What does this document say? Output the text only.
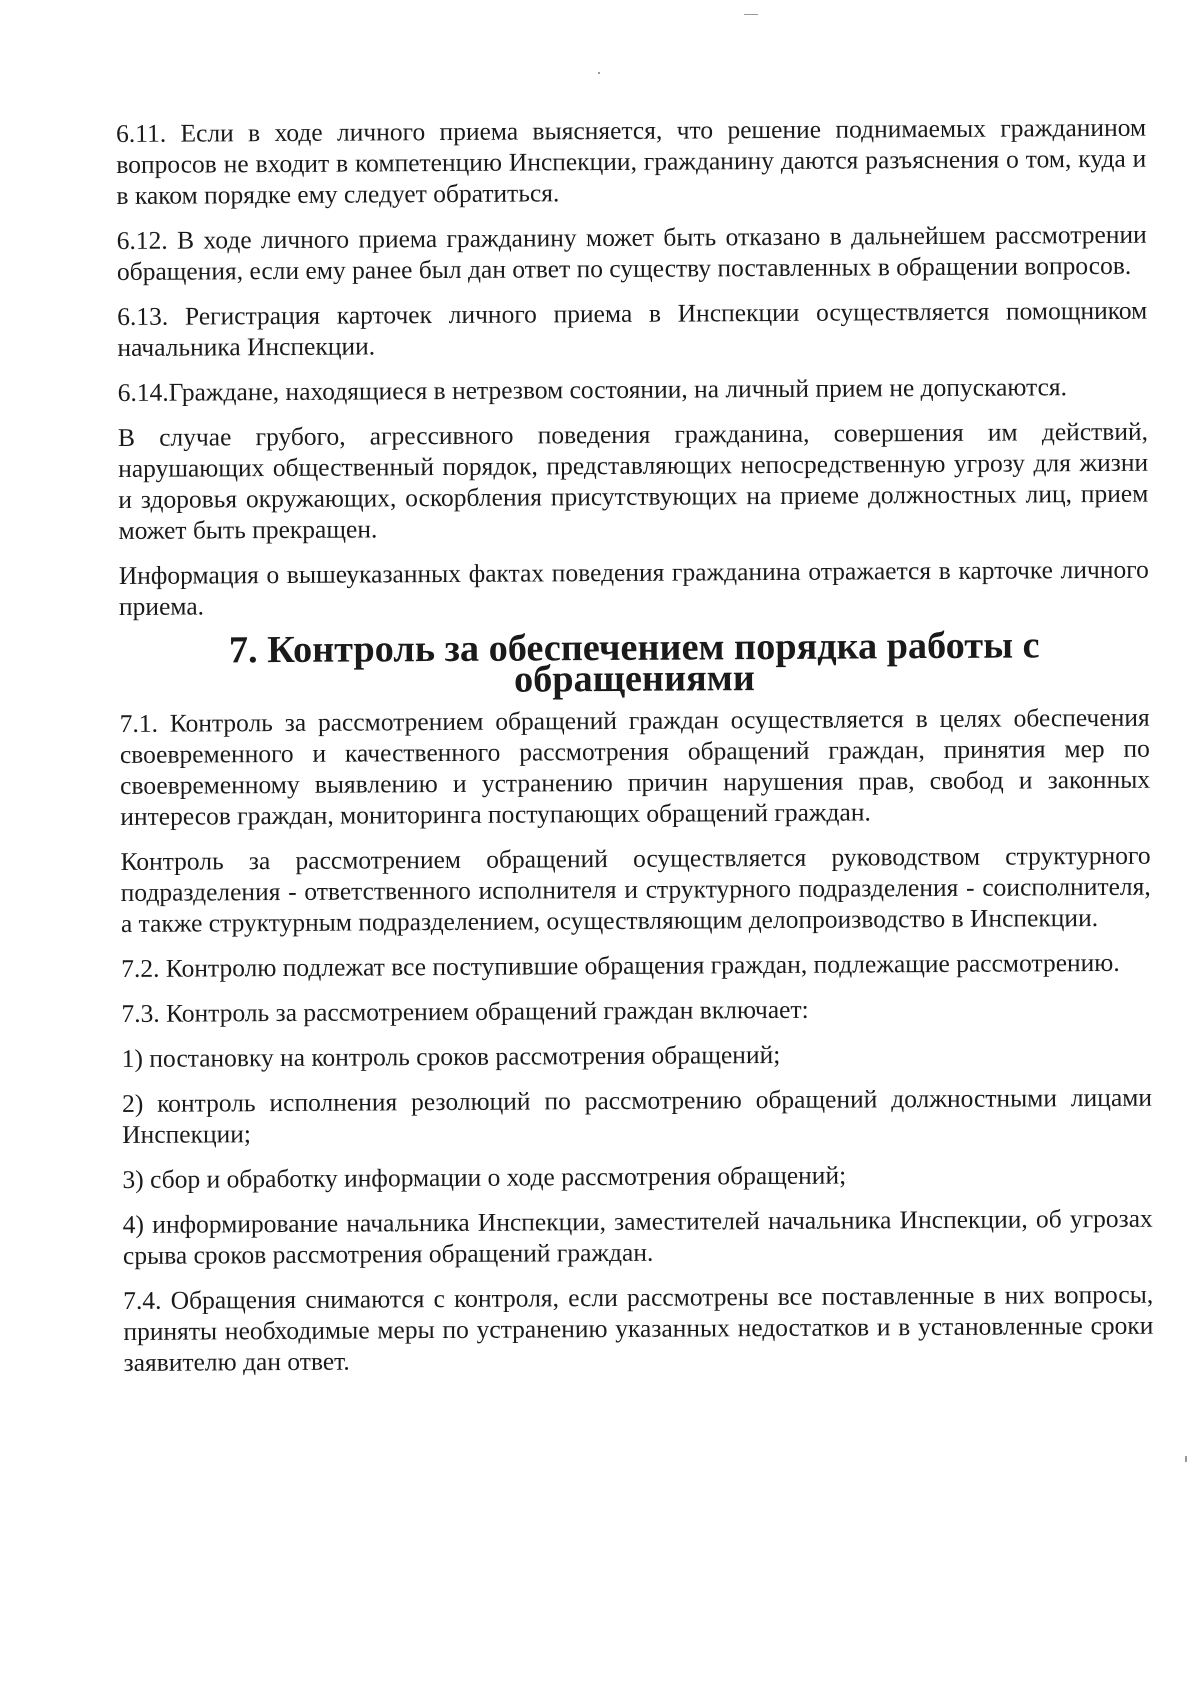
6.11. Если в ходе личного приема выясняется, что решение поднимаемых гражданином вопросов не входит в компетенцию Инспекции, гражданину даются разъяснения о том, куда и в каком порядке ему следует обратиться.

6.12. В ходе личного приема гражданину может быть отказано в дальнейшем рассмотрении обращения, если ему ранее был дан ответ по существу поставленных в обращении вопросов.

6.13. Регистрация карточек личного приема в Инспекции осуществляется помощником начальника Инспекции.

6.14.Граждане, находящиеся в нетрезвом состоянии, на личный прием не допускаются.

В случае грубого, агрессивного поведения гражданина, совершения им действий, нарушающих общественный порядок, представляющих непосредственную угрозу для жизни и здоровья окружающих, оскорбления присутствующих на приеме должностных лиц, прием может быть прекращен.

Информация о вышеуказанных фактах поведения гражданина отражается в карточке личного приема.

7. Контроль за обеспечением порядка работы с обращениями

7.1. Контроль за рассмотрением обращений граждан осуществляется в целях обеспечения своевременного и качественного рассмотрения обращений граждан, принятия мер по своевременному выявлению и устранению причин нарушения прав, свобод и законных интересов граждан, мониторинга поступающих обращений граждан.

Контроль за рассмотрением обращений осуществляется руководством структурного подразделения - ответственного исполнителя и структурного подразделения - соисполнителя, а также структурным подразделением, осуществляющим делопроизводство в Инспекции.

7.2. Контролю подлежат все поступившие обращения граждан, подлежащие рассмотрению.

7.3. Контроль за рассмотрением обращений граждан включает:

1) постановку на контроль сроков рассмотрения обращений;

2) контроль исполнения резолюций по рассмотрению обращений должностными лицами Инспекции;

3) сбор и обработку информации о ходе рассмотрения обращений;

4) информирование начальника Инспекции, заместителей начальника Инспекции, об угрозах срыва сроков рассмотрения обращений граждан.

7.4. Обращения снимаются с контроля, если рассмотрены все поставленные в них вопросы, приняты необходимые меры по устранению указанных недостатков и в установленные сроки заявителю дан ответ.
